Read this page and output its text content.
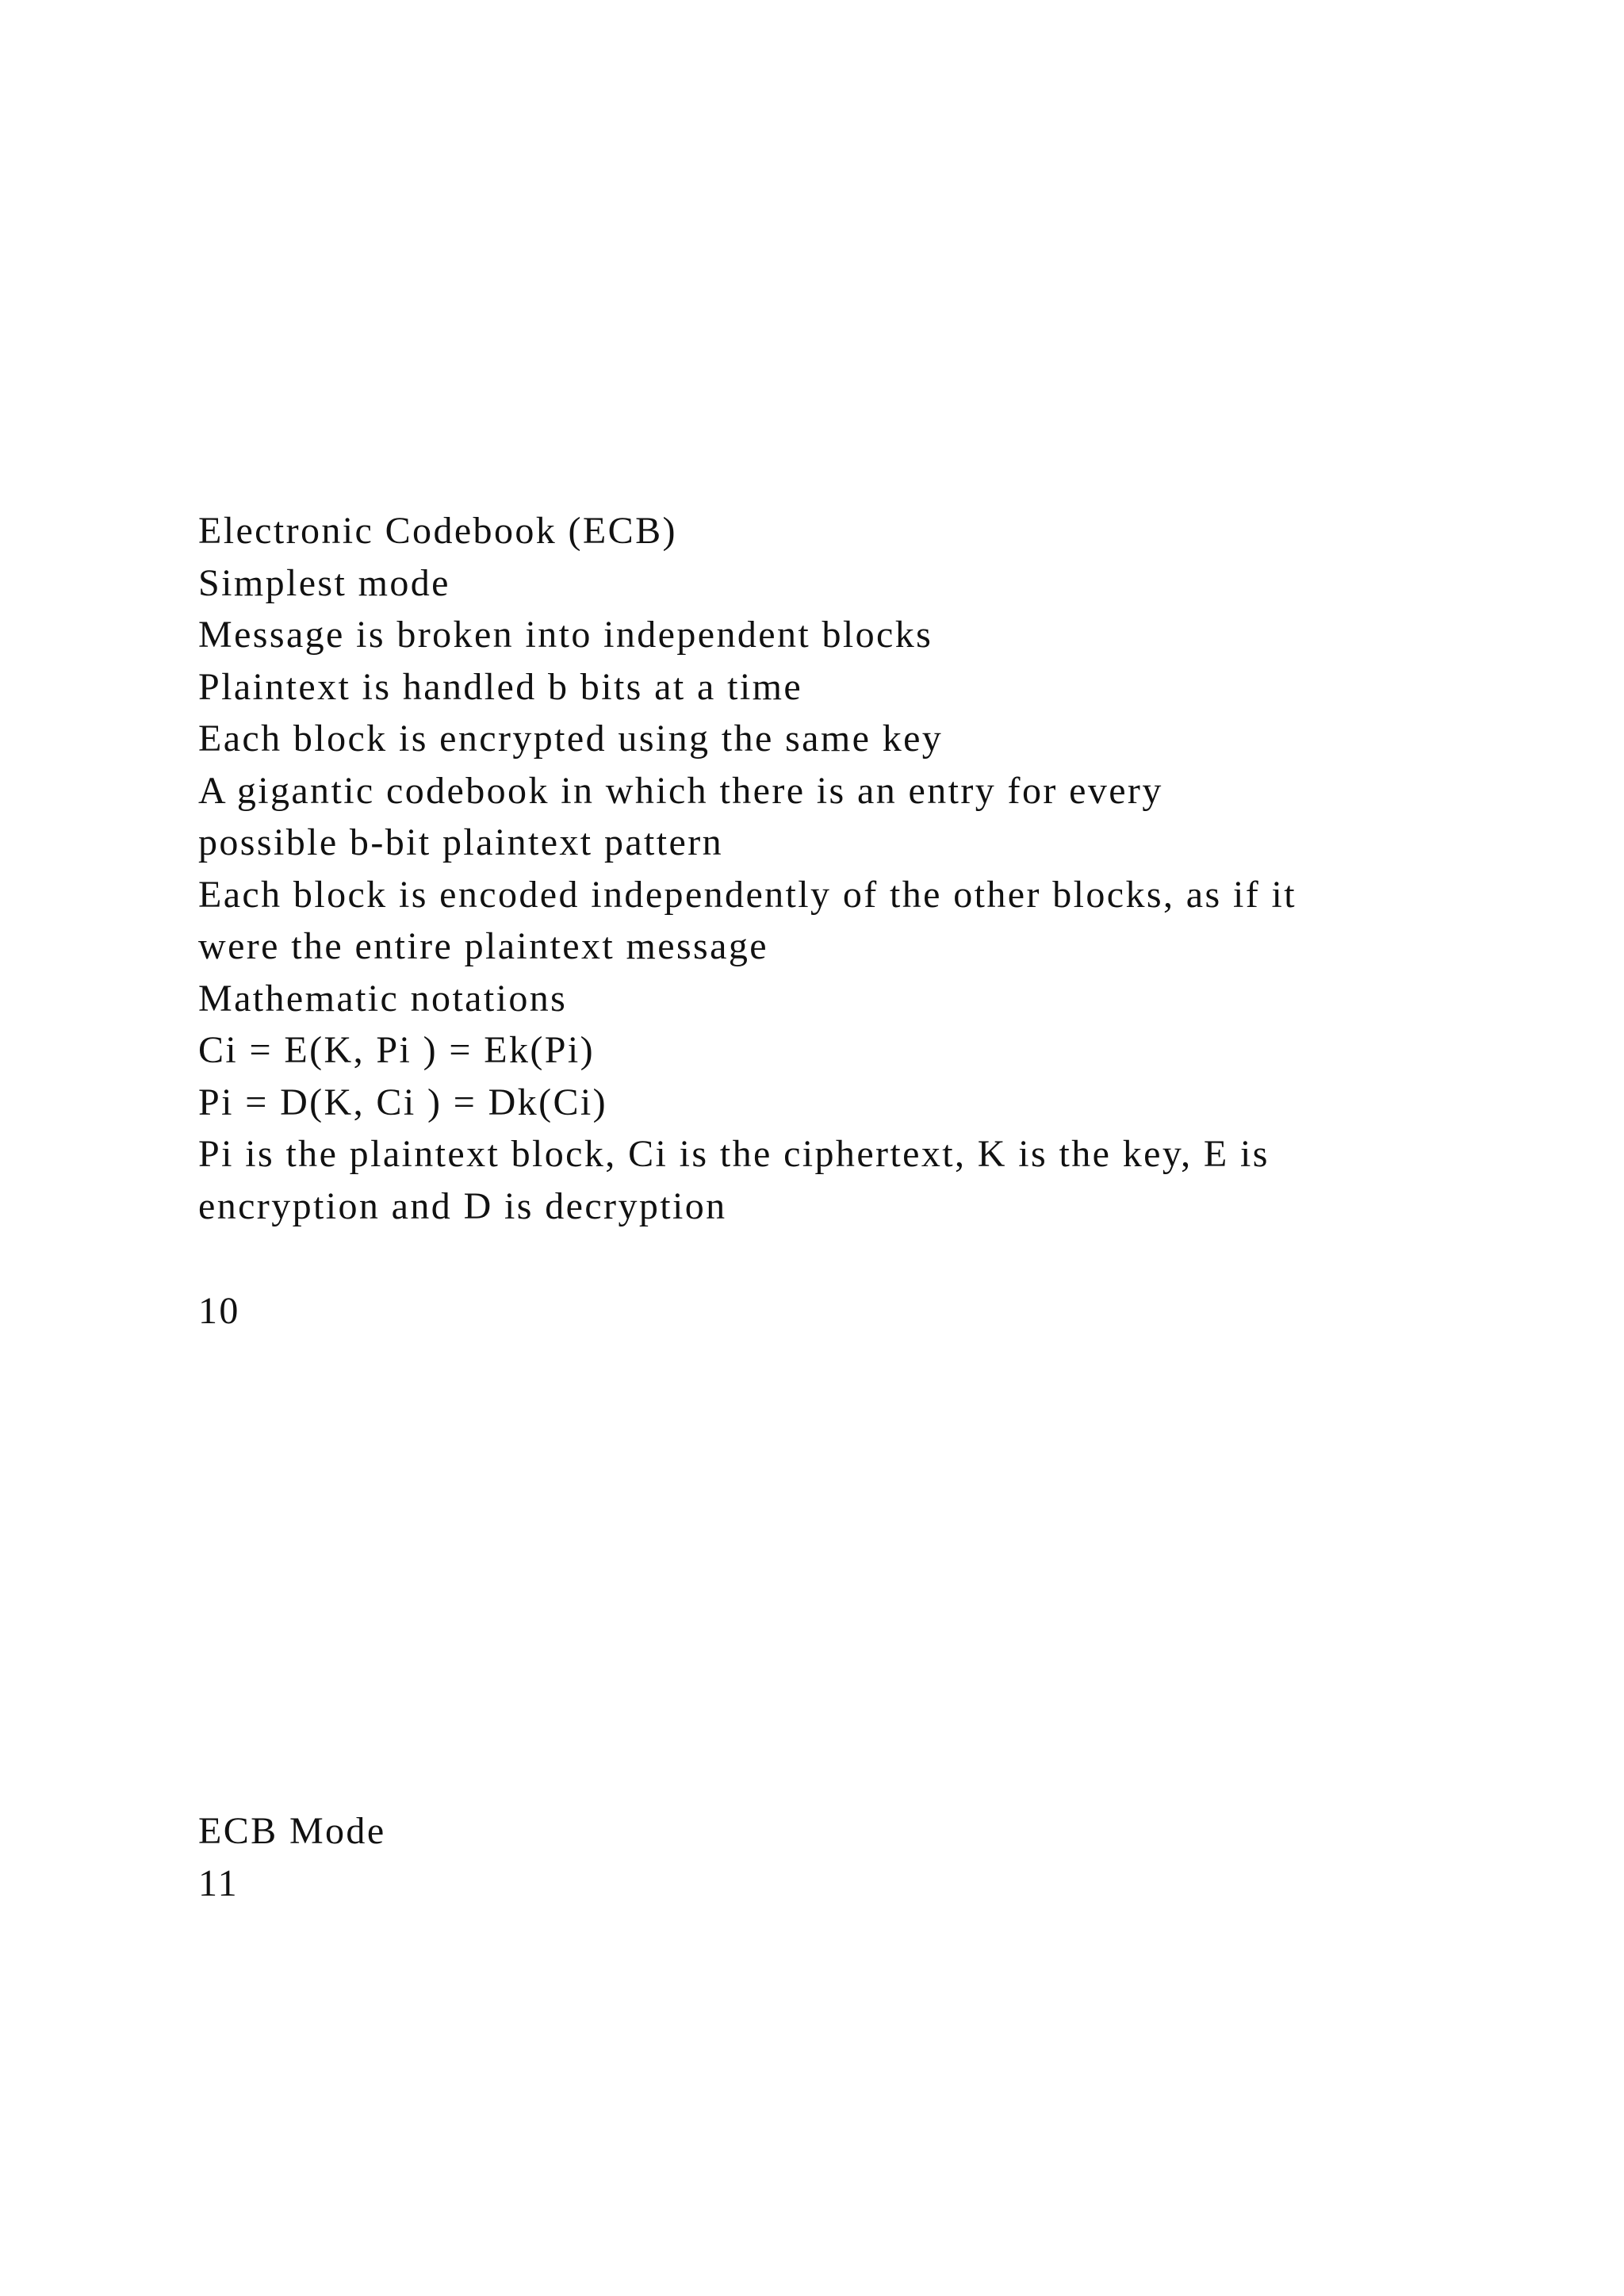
Electronic Codebook (ECB)
Simplest mode
Message is broken into independent blocks
Plaintext is handled b bits at a time
Each block is encrypted using the same key
A gigantic codebook in which there is an entry for every
possible b-bit plaintext pattern
Each block is encoded independently of the other blocks, as if it
were the entire plaintext message
Mathematic notations
Ci = E(K, Pi ) = Ek(Pi)
Pi = D(K, Ci ) = Dk(Ci)
Pi is the plaintext block, Ci is the ciphertext, K is the key, E is
encryption and D is decryption
10
ECB Mode
11
